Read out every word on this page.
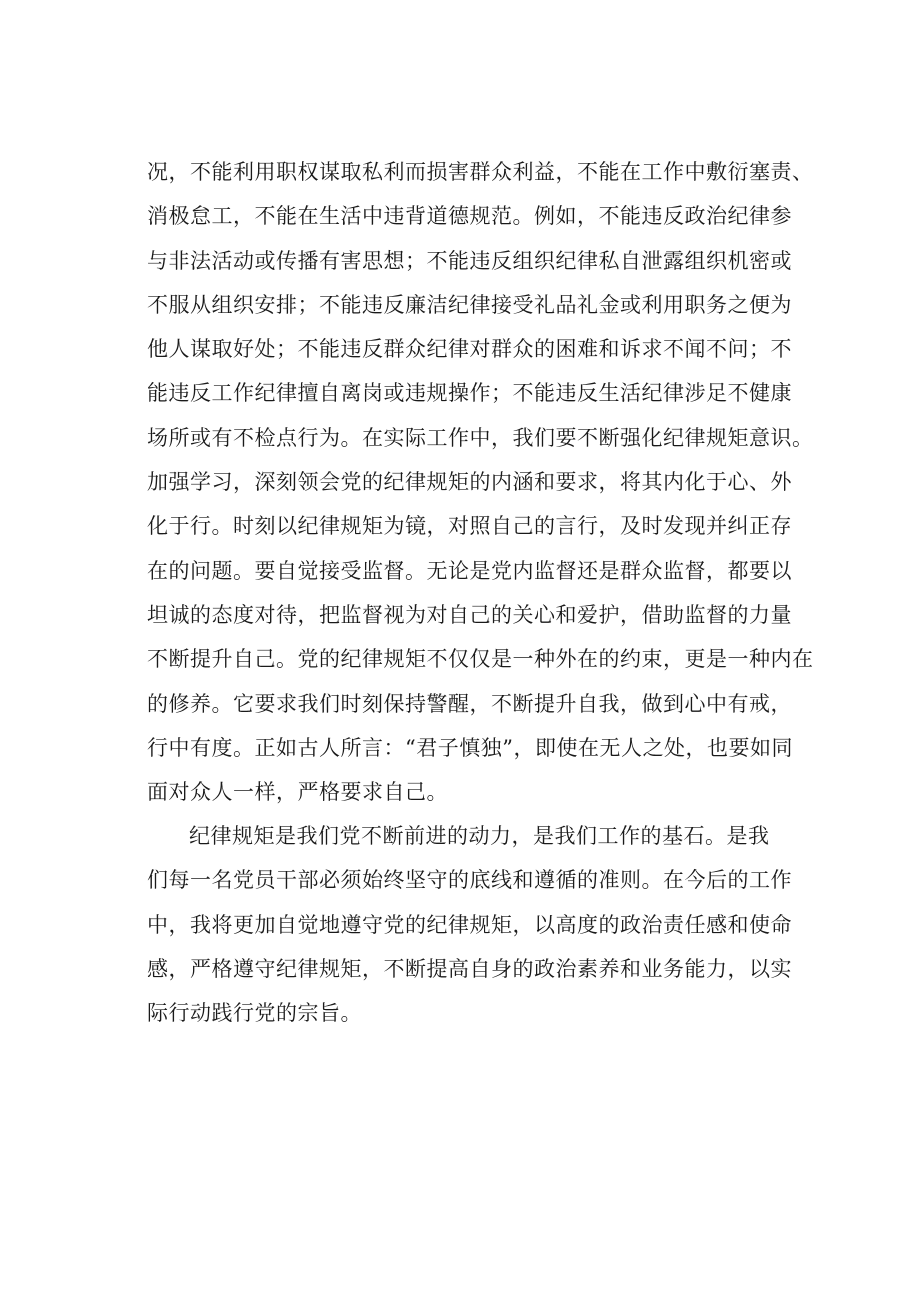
况，不能利用职权谋取私利而损害群众利益，不能在工作中敷衍塞责、
消极怠工，不能在生活中违背道德规范。例如，不能违反政治纪律参
与非法活动或传播有害思想；不能违反组织纪律私自泄露组织机密或
不服从组织安排；不能违反廉洁纪律接受礼品礼金或利用职务之便为
他人谋取好处；不能违反群众纪律对群众的困难和诉求不闻不问；不
能违反工作纪律擅自离岗或违规操作；不能违反生活纪律涉足不健康
场所或有不检点行为。在实际工作中，我们要不断强化纪律规矩意识。
加强学习，深刻领会党的纪律规矩的内涵和要求，将其内化于心、外
化于行。时刻以纪律规矩为镜，对照自己的言行，及时发现并纠正存
在的问题。要自觉接受监督。无论是党内监督还是群众监督，都要以
坦诚的态度对待，把监督视为对自己的关心和爱护，借助监督的力量
不断提升自己。党的纪律规矩不仅仅是一种外在的约束，更是一种内在
的修养。它要求我们时刻保持警醒，不断提升自我，做到心中有戒，
行中有度。正如古人所言：“君子慎独”，即使在无人之处，也要如同
面对众人一样，严格要求自己。
纪律规矩是我们党不断前进的动力，是我们工作的基石。是我
们每一名党员干部必须始终坚守的底线和遵循的准则。在今后的工作
中，我将更加自觉地遵守党的纪律规矩，以高度的政治责任感和使命
感，严格遵守纪律规矩，不断提高自身的政治素养和业务能力，以实
际行动践行党的宗旨。
